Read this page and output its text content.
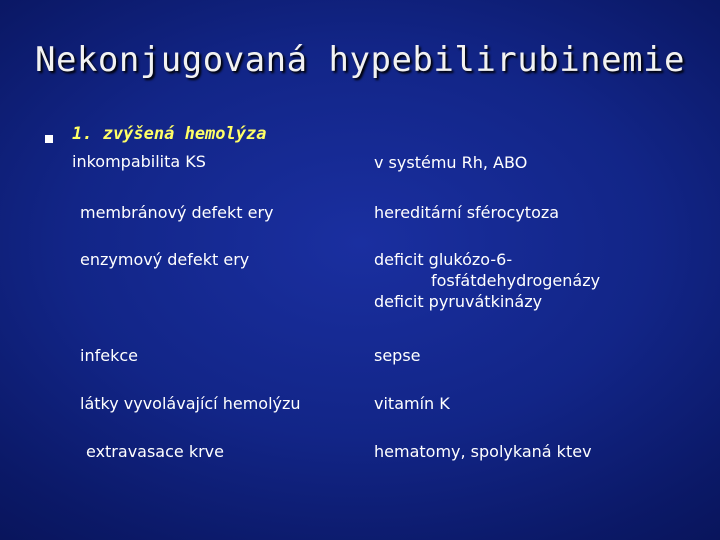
Nekonjugovaná hypebilirubinemie
1. zvýšená hemolýza
inkompabilita KS	v systému Rh, ABO
membránový defekt ery	hereditární sférocytoza
enzymový defekt ery	deficit glukózo-6-
fosfátdehydrogenázy
deficit pyruvátkinázy
infekce	sepse
látky vyvolávající hemolýzu	vitamín K
extravasace krve	hematomy, spolykaná ktev
